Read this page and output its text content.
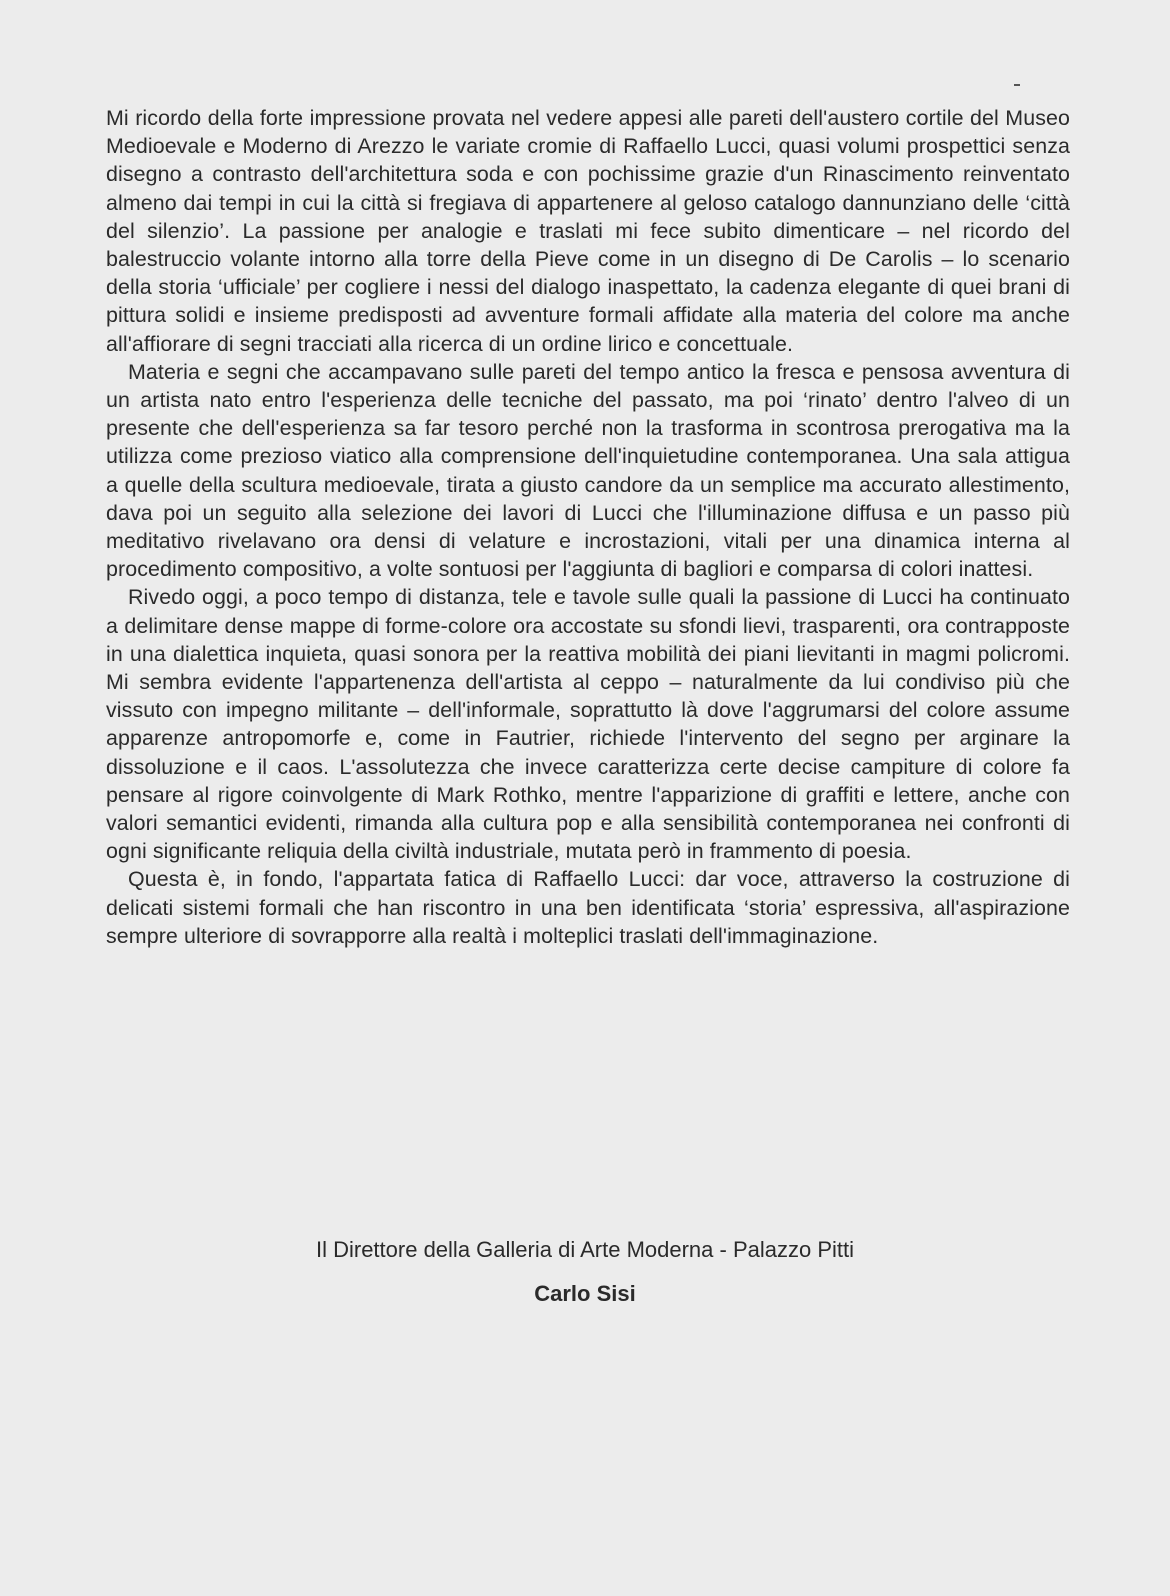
Mi ricordo della forte impressione provata nel vedere appesi alle pareti dell'austero cortile del Museo Medioevale e Moderno di Arezzo le variate cromie di Raffaello Lucci, quasi volumi prospettici senza disegno a contrasto dell'architettura soda e con pochissime grazie d'un Rinascimento reinventato almeno dai tempi in cui la città si fregiava di appartenere al geloso catalogo dannunziano delle ‘città del silenzio’. La passione per analogie e traslati mi fece subito dimenticare – nel ricordo del balestruccio volante intorno alla torre della Pieve come in un disegno di De Carolis – lo scenario della storia ‘ufficiale’ per cogliere i nessi del dialogo inaspettato, la cadenza elegante di quei brani di pittura solidi e insieme predisposti ad avventure formali affidate alla materia del colore ma anche all'affiorare di segni tracciati alla ricerca di un ordine lirico e concettuale.

Materia e segni che accampavano sulle pareti del tempo antico la fresca e pensosa avventura di un artista nato entro l'esperienza delle tecniche del passato, ma poi ‘rinato’ dentro l'alveo di un presente che dell'esperienza sa far tesoro perché non la trasforma in scontrosa prerogativa ma la utilizza come prezioso viatico alla comprensione dell'inquietudine contemporanea. Una sala attigua a quelle della scultura medioevale, tirata a giusto candore da un semplice ma accurato allestimento, dava poi un seguito alla selezione dei lavori di Lucci che l'illuminazione diffusa e un passo più meditativo rivelavano ora densi di velature e incrostazioni, vitali per una dinamica interna al procedimento compositivo, a volte sontuosi per l'aggiunta di bagliori e comparsa di colori inattesi.

Rivedo oggi, a poco tempo di distanza, tele e tavole sulle quali la passione di Lucci ha continuato a delimitare dense mappe di forme-colore ora accostate su sfondi lievi, trasparenti, ora contrapposte in una dialettica inquieta, quasi sonora per la reattiva mobilità dei piani lievitanti in magmi policromi. Mi sembra evidente l'appartenenza dell'artista al ceppo – naturalmente da lui condiviso più che vissuto con impegno militante – dell'informale, soprattutto là dove l'aggrumarsi del colore assume apparenze antropomorfe e, come in Fautrier, richiede l'intervento del segno per arginare la dissoluzione e il caos. L'assolutezza che invece caratterizza certe decise campiture di colore fa pensare al rigore coinvolgente di Mark Rothko, mentre l'apparizione di graffiti e lettere, anche con valori semantici evidenti, rimanda alla cultura pop e alla sensibilità contemporanea nei confronti di ogni significante reliquia della civiltà industriale, mutata però in frammento di poesia.

Questa è, in fondo, l'appartata fatica di Raffaello Lucci: dar voce, attraverso la costruzione di delicati sistemi formali che han riscontro in una ben identificata ‘storia’ espressiva, all'aspirazione sempre ulteriore di sovrapporre alla realtà i molteplici traslati dell'immaginazione.

Il Direttore della Galleria di Arte Moderna - Palazzo Pitti
Carlo Sisi
